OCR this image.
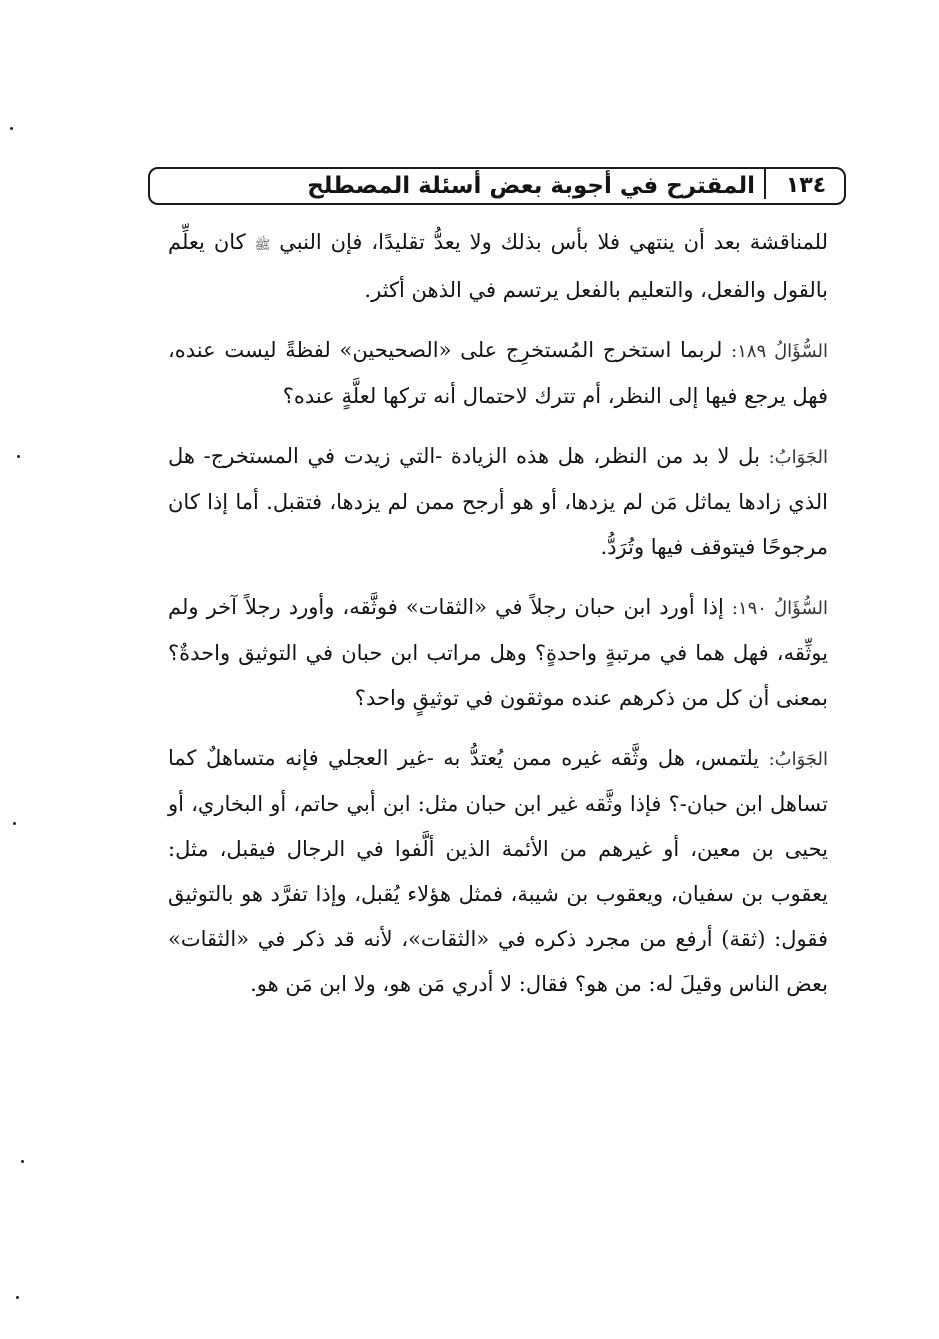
المقترح في أجوبة بعض أسئلة المصطلح	١٣٤

للمناقشة بعد أن ينتهي فلا بأس بذلك ولا يعدُّ تقليدًا، فإن النبي ﷺ كان يعلِّم بالقول والفعل، والتعليم بالفعل يرتسم في الذهن أكثر.

السُّؤَالُ ١٨٩: لربما استخرج المُستخرِج على «الصحيحين» لفظةً ليست عنده، فهل يرجع فيها إلى النظر، أم تترك لاحتمال أنه تركها لعلَّةٍ عنده؟

الجَوَابُ: بل لا بد من النظر، هل هذه الزيادة -التي زيدت في المستخرج- هل الذي زادها يماثل مَن لم يزدها، أو هو أرجح ممن لم يزدها، فتقبل. أما إذا كان مرجوحًا فيتوقف فيها وتُرَدُّ.

السُّؤَالُ ١٩٠: إذا أورد ابن حبان رجلاً في «الثقات» فوثَّقه، وأورد رجلاً آخر ولم يوثِّقه، فهل هما في مرتبةٍ واحدةٍ؟ وهل مراتب ابن حبان في التوثيق واحدةٌ؟ بمعنى أن كل من ذكرهم عنده موثقون في توثيقٍ واحد؟

الجَوَابُ: يلتمس، هل وثَّقه غيره ممن يُعتدُّ به -غير العجلي فإنه متساهلٌ كما تساهل ابن حبان-؟ فإذا وثَّقه غير ابن حبان مثل: ابن أبي حاتم، أو البخاري، أو يحيى بن معين، أو غيرهم من الأئمة الذين ألَّفوا في الرجال فيقبل، مثل: يعقوب بن سفيان، ويعقوب بن شيبة، فمثل هؤلاء يُقبل، وإذا تفرَّد هو بالتوثيق فقول: (ثقة) أرفع من مجرد ذكره في «الثقات»، لأنه قد ذكر في «الثقات» بعض الناس وقيلَ له: من هو؟ فقال: لا أدري مَن هو، ولا ابن مَن هو.
